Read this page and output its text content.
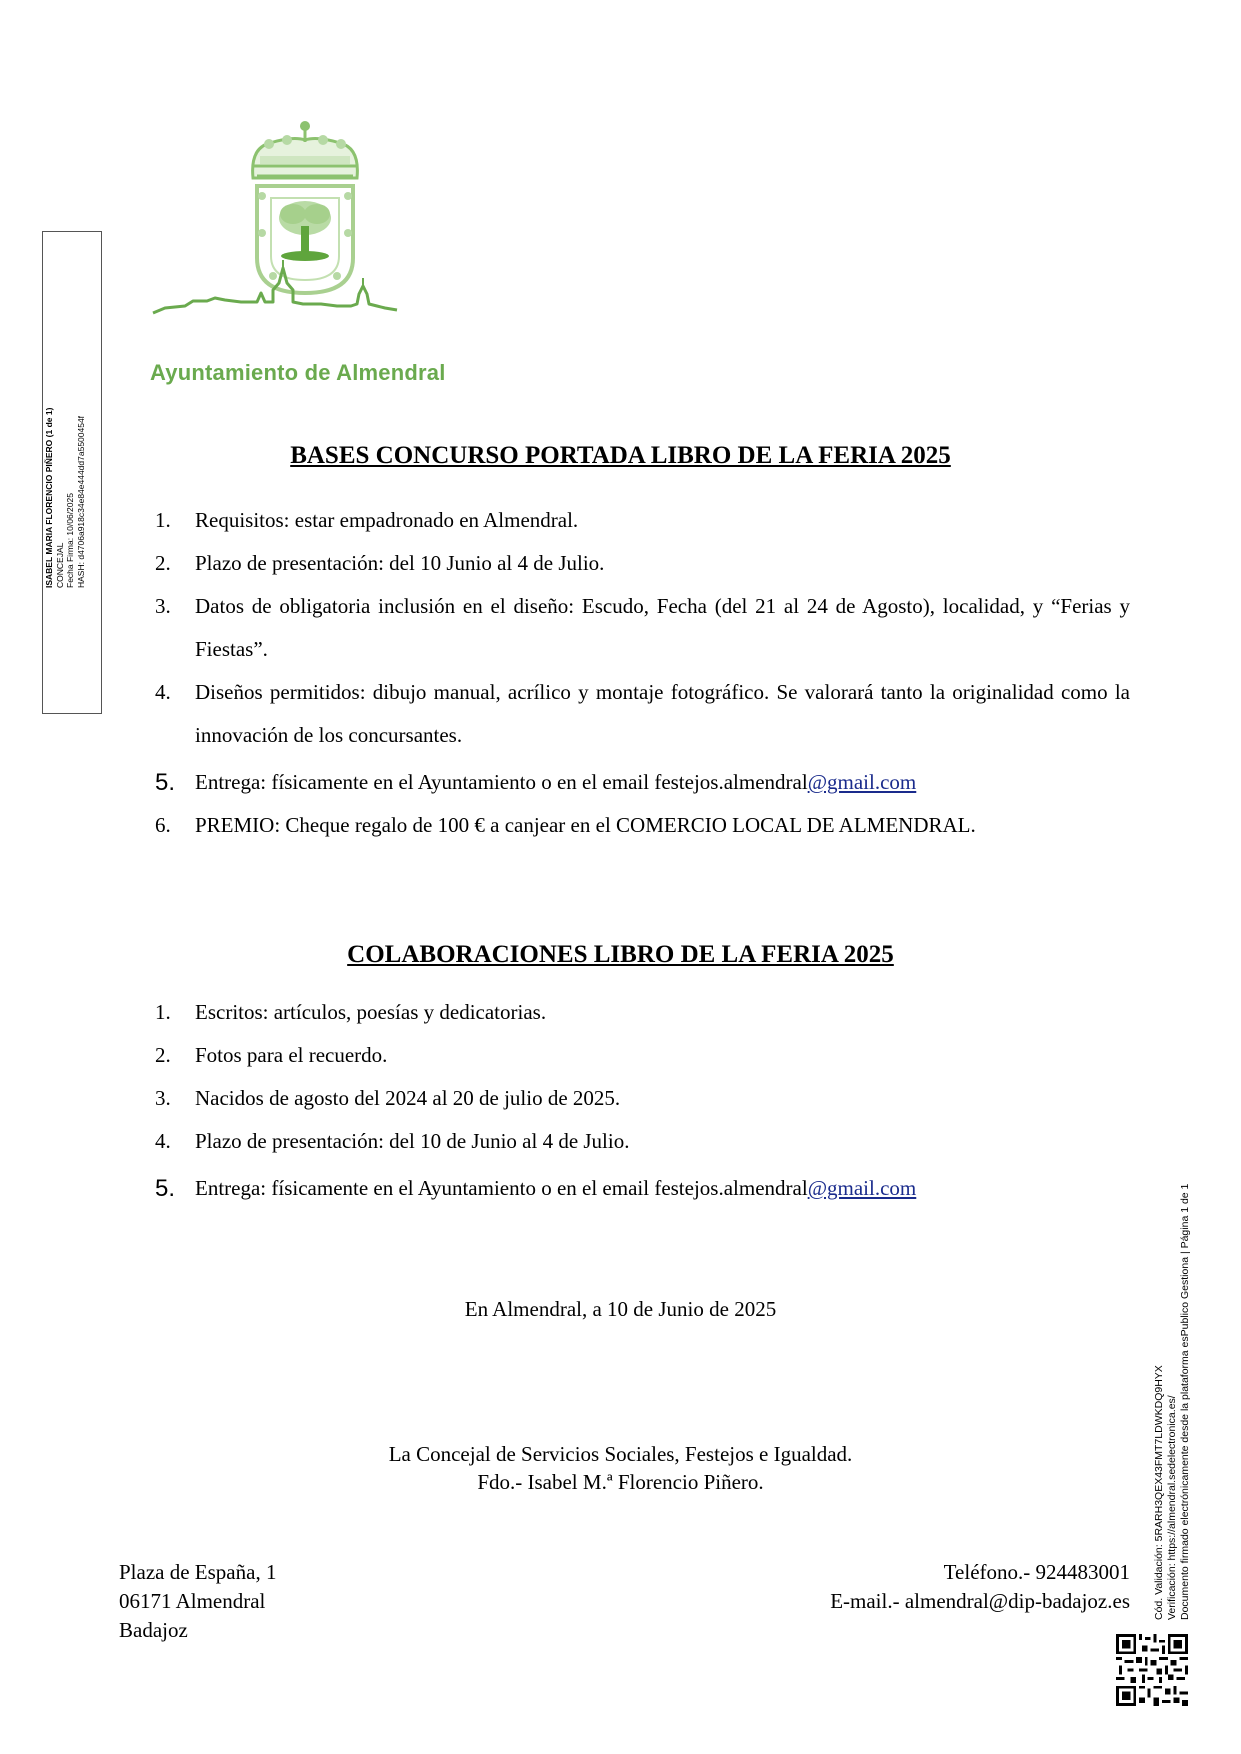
Ayuntamiento de Almendral
ISABEL MARIA FLORENCIO PIÑERO (1 de 1) CONCEJAL Fecha Firma: 10/06/2025 HASH: d4706a918c34e84e444dd7a5500454f	BASES CONCURSO PORTADA LIBRO DE LA FERIA 2025
1. Requisitos: estar empadronado en Almendral.
2. Plazo de presentación: del 10 Junio al 4 de Julio.
3. Datos de obligatoria inclusión en el diseño: Escudo, Fecha (del 21 al 24 de Agosto), localidad, y “Ferias y Fiestas”.
4. Diseños permitidos: dibujo manual, acrílico y montaje fotográfico. Se valorará tanto la originalidad como la innovación de los concursantes.
5. Entrega: físicamente en el Ayuntamiento o en el email festejos.almendral@gmail.com
6. PREMIO: Cheque regalo de 100 € a canjear en el COMERCIO LOCAL DE ALMENDRAL.
COLABORACIONES LIBRO DE LA FERIA 2025
1. Escritos: artículos, poesías y dedicatorias.
2. Fotos para el recuerdo.
3. Nacidos de agosto del 2024 al 20 de julio de 2025.
4. Plazo de presentación: del 10 de Junio al 4 de Julio.
5. Entrega: físicamente en el Ayuntamiento o en el email festejos.almendral@gmail.com
En Almendral, a 10 de Junio de 2025
La Concejal de Servicios Sociales, Festejos e Igualdad.
Fdo.- Isabel M.ª Florencio Piñero.
Plaza de España, 1
06171 Almendral
Badajoz
Teléfono.- 924483001
E-mail.- almendral@dip-badajoz.es Cód. Validación: 5RARH3QEX43FMT7LDWKDQ9HYX Verificación: https://almendral.sedelectronica.es/ Documento firmado electrónicamente desde la plataforma esPublico Gestiona | Página 1 de 1
